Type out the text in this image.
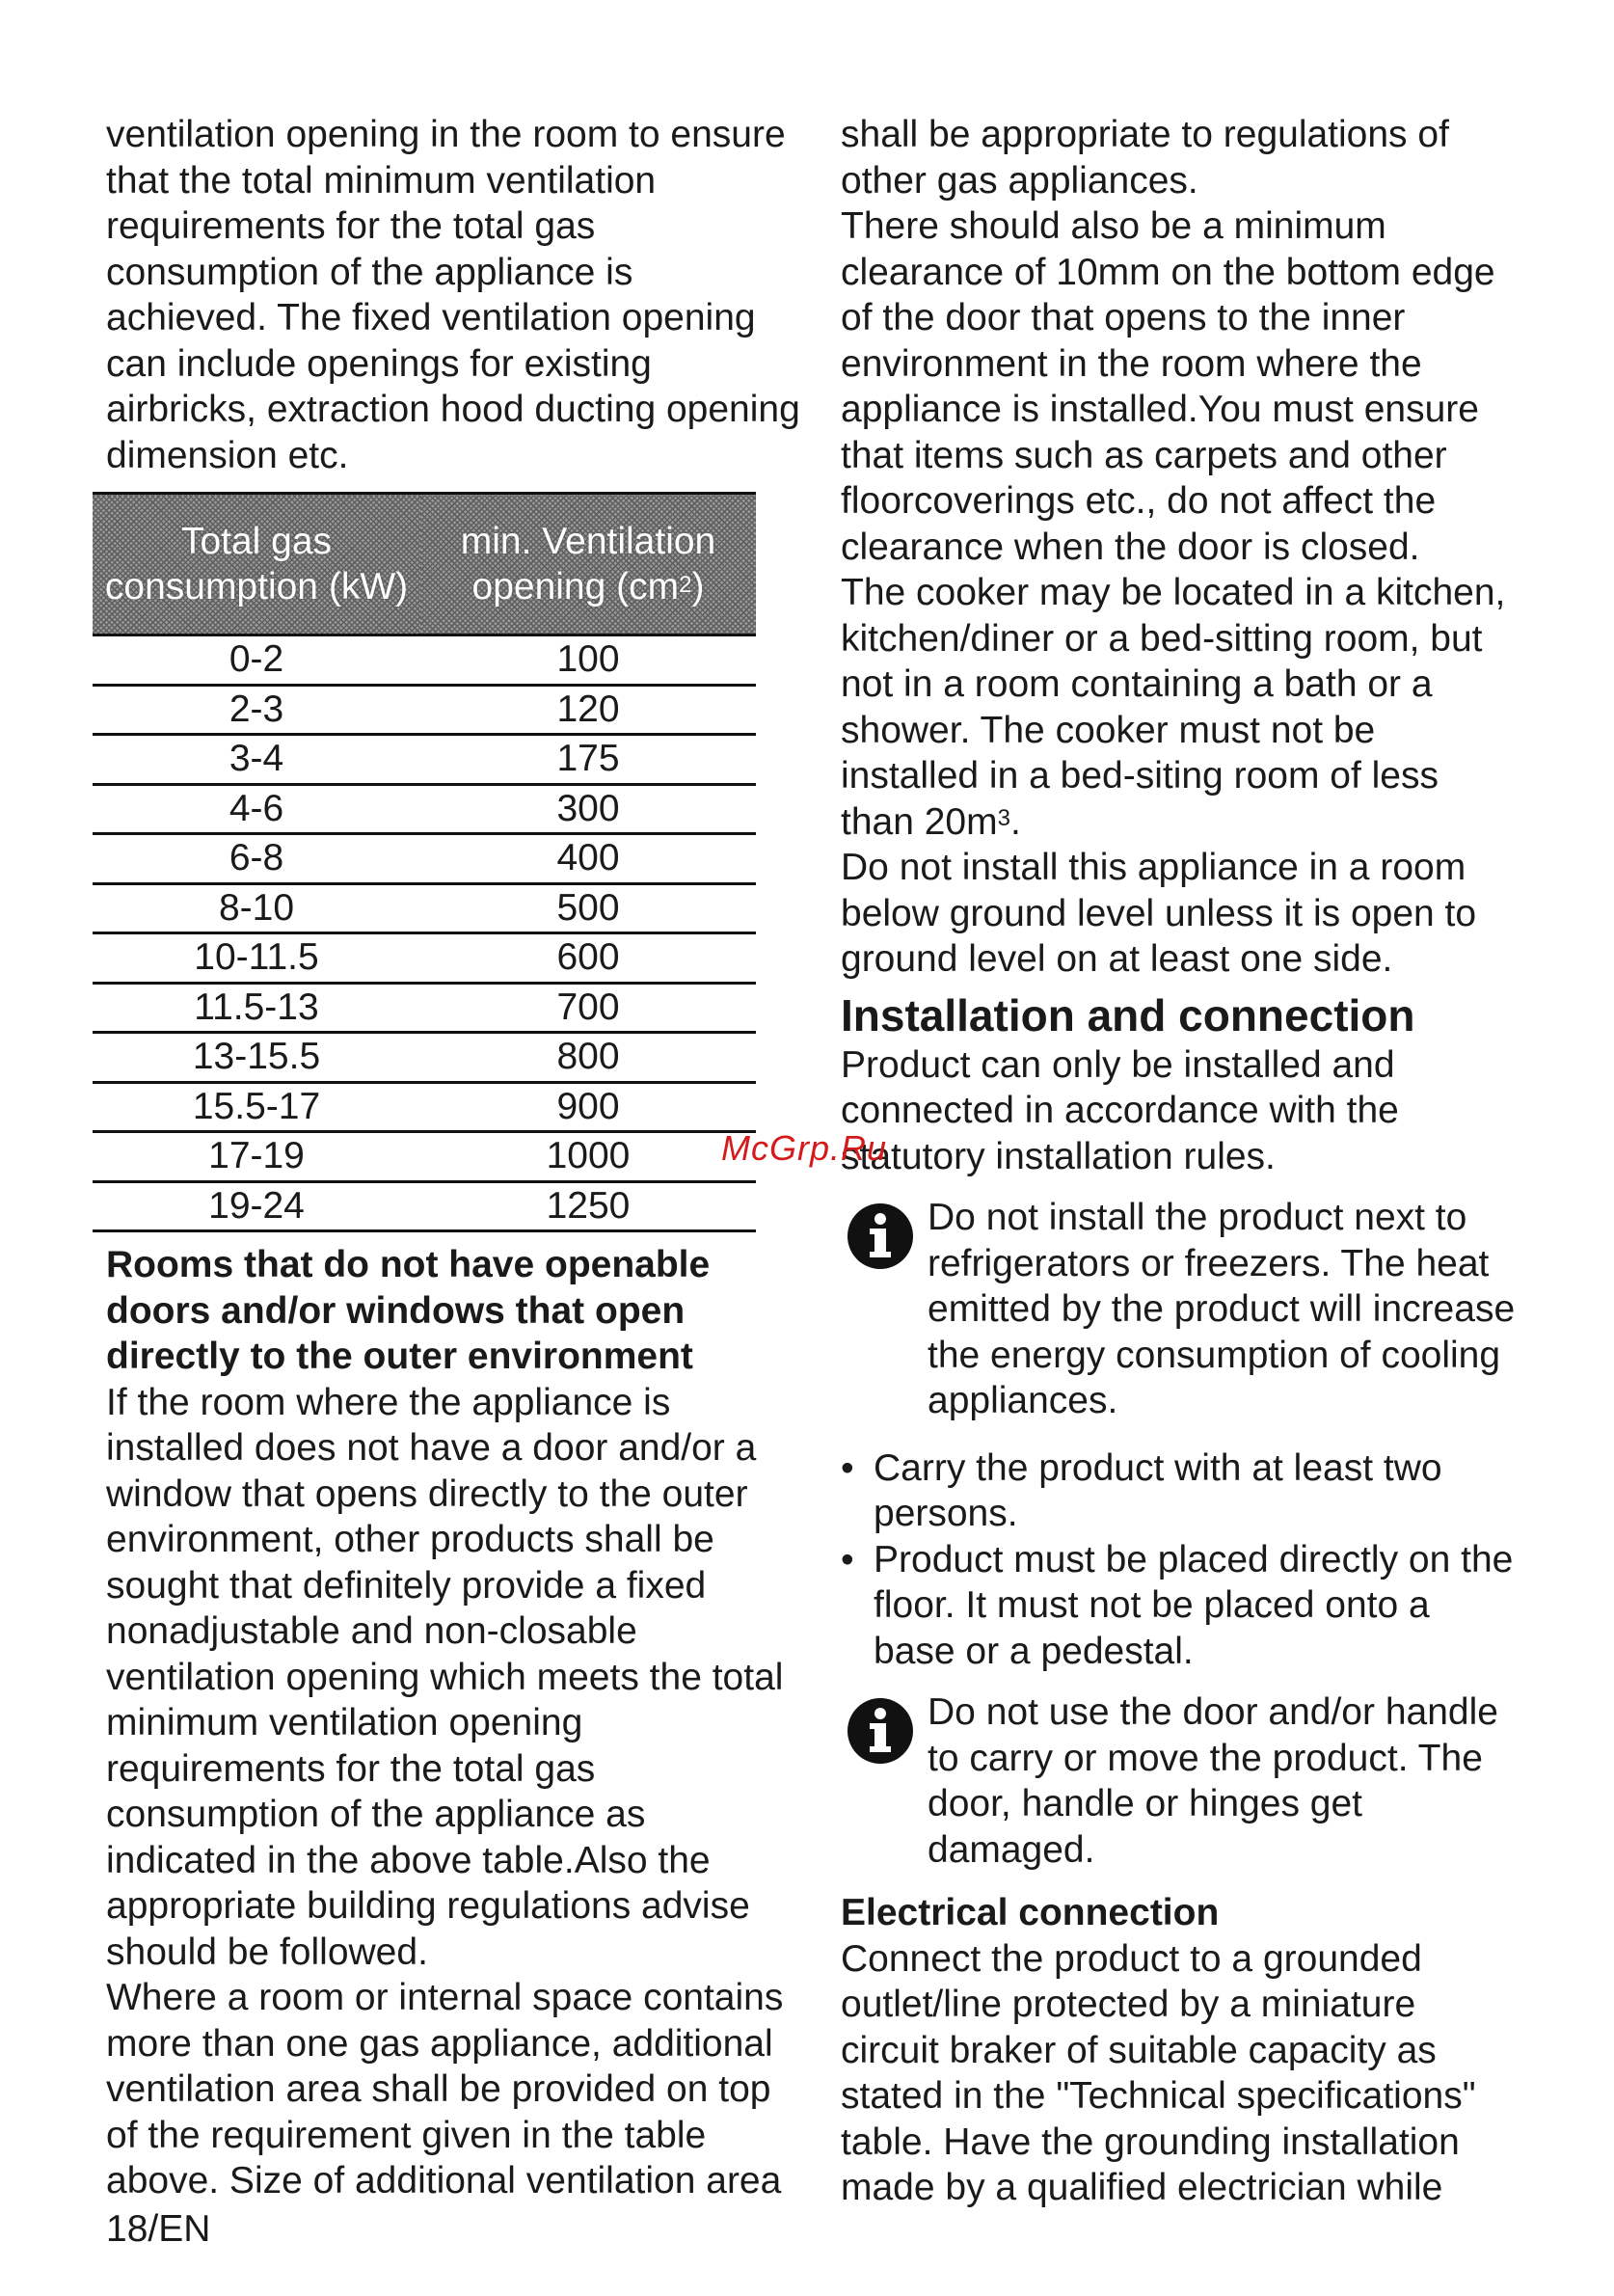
ventilation opening in the room to ensure that the total minimum ventilation requirements for the total gas consumption of the appliance is achieved. The fixed ventilation opening can include openings for existing airbricks, extraction hood ducting opening dimension etc.

Total gas consumption (kW)	min. Ventilation opening $(cm^2)$
0-2	100
2-3	120
3-4	175
4-6	300
6-8	400
8-10	500
10-11.5	600
11.5-13	700
13-15.5	800
15.5-17	900
17-19	1000
19-24	1250

Rooms that do not have openable doors and/or windows that open directly to the outer environment

If the room where the appliance is installed does not have a door and/or a window that opens directly to the outer environment, other products shall be sought that definitely provide a fixed nonadjustable and non-closable ventilation opening which meets the total minimum ventilation opening requirements for the total gas consumption of the appliance as indicated in the above table.Also the appropriate building regulations advise should be followed.

Where a room or internal space contains more than one gas appliance, additional ventilation area shall be provided on top of the requirement given in the table above. Size of additional ventilation area

shall be appropriate to regulations of other gas appliances.

There should also be a minimum clearance of 10mm on the bottom edge of the door that opens to the inner environment in the room where the appliance is installed.You must ensure that items such as carpets and other floorcoverings etc., do not affect the clearance when the door is closed.

The cooker may be located in a kitchen, kitchen/diner or a bed-sitting room, but not in a room containing a bath or a shower. The cooker must not be installed in a bed-siting room of less than $20m^3$.

Do not install this appliance in a room below ground level unless it is open to ground level on at least one side.

Installation and connection

Product can only be installed and connected in accordance with the statutory installation rules.

Do not install the product next to refrigerators or freezers. The heat emitted by the product will increase the energy consumption of cooling appliances.

• Carry the product with at least two persons.

• Product must be placed directly on the floor. It must not be placed onto a base or a pedestal.

Do not use the door and/or handle to carry or move the product. The door, handle or hinges get damaged.

Electrical connection

Connect the product to a grounded outlet/line protected by a miniature circuit braker of suitable capacity as stated in the "Technical specifications" table. Have the grounding installation made by a qualified electrician while

18/EN
McGrp.Ru
